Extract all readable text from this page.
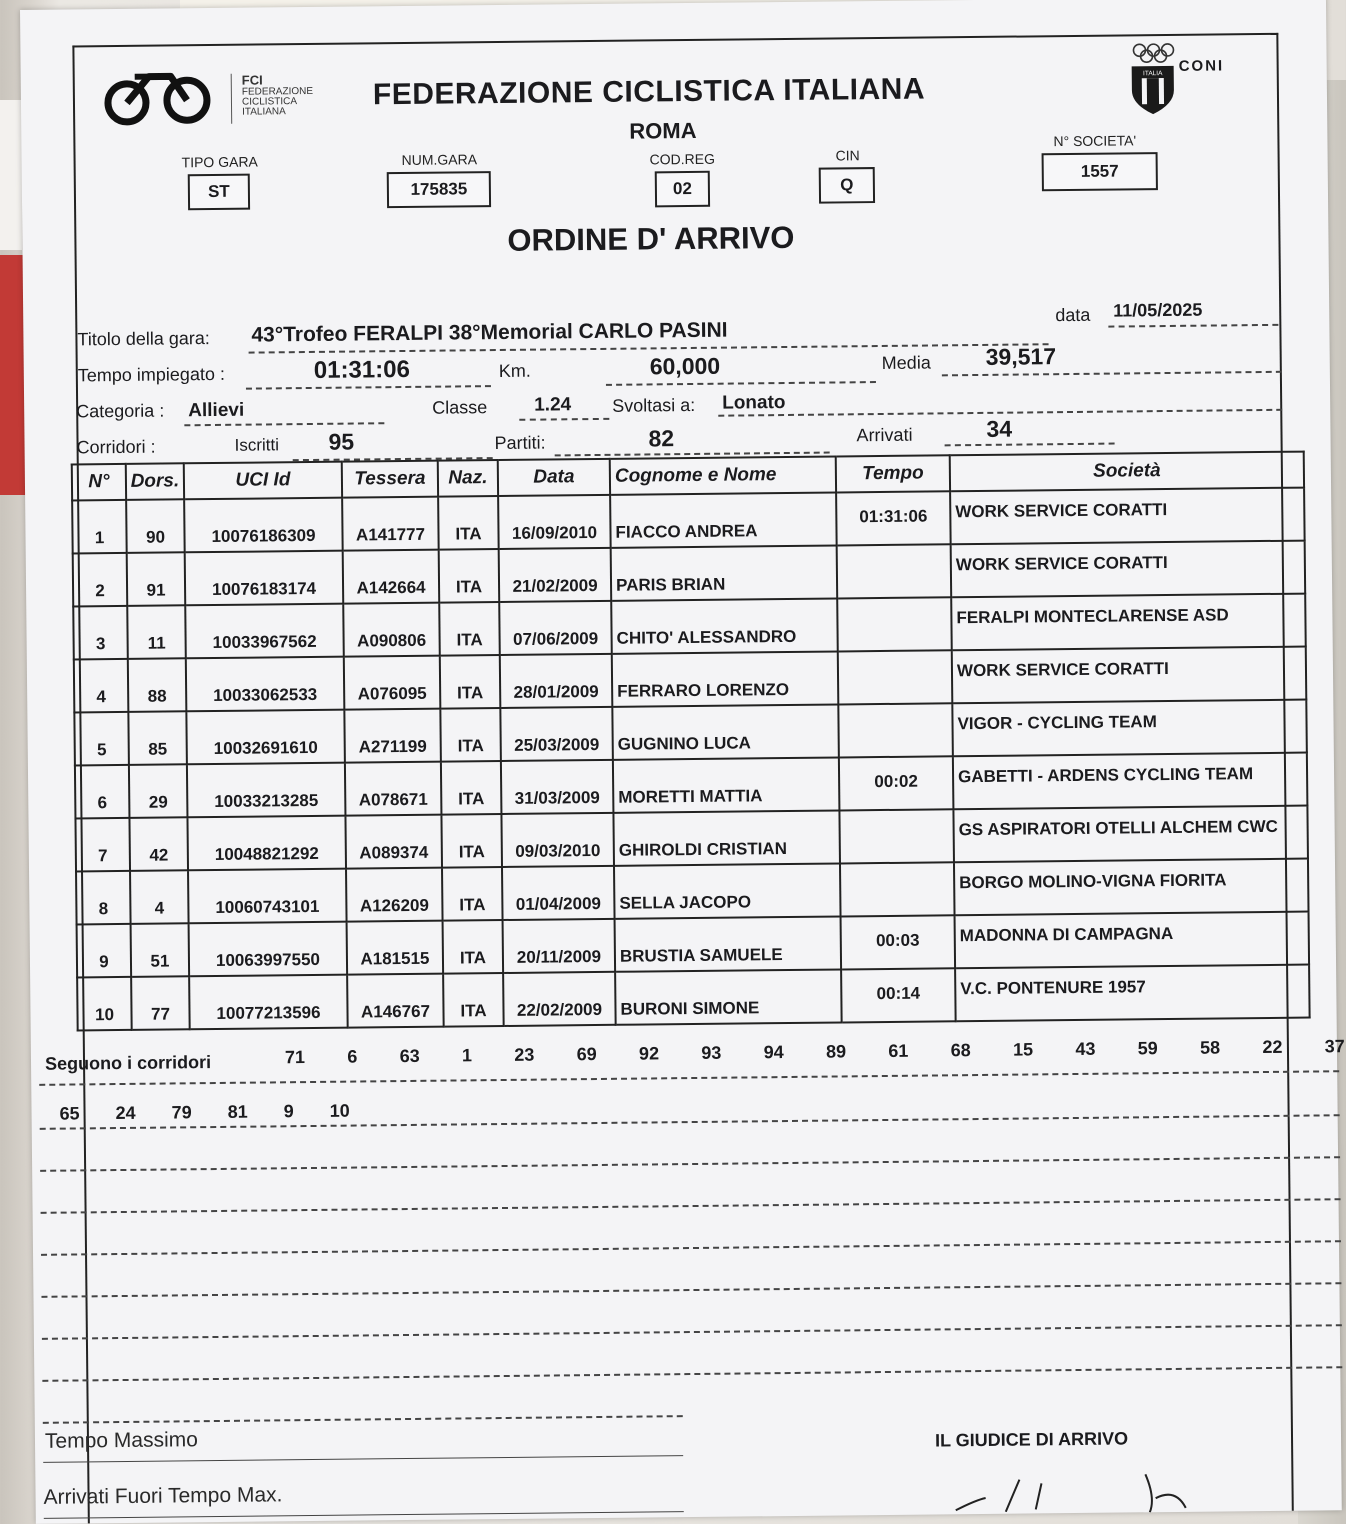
FCI
FEDERAZIONE
CICLISTICA
ITALIANA
FEDERAZIONE CICLISTICA ITALIANA
ROMA
ITALIA CONI
TIPO GARA
ST
NUM.GARA
175835
COD.REG
02
CIN
Q
N° SOCIETA'
1557
ORDINE D' ARRIVO
Titolo della gara: 43°Trofeo FERALPI 38°Memorial CARLO PASINI
data 11/05/2025
Tempo impiegato :	01:31:06	Km.	60,000	Media 39,517
Categoria : Allievi	Classe 1.24 Svoltasi a: Lonato
Corridori :	Iscritti 95	Partiti:	82	Arrivati	34
N°	Dors.	UCI Id	Tessera	Naz.	Data	Cognome e Nome	Tempo	Società
1	90	10076186309	A141777	ITA	16/09/2010	FIACCO ANDREA	01:31:06	WORK SERVICE CORATTI
2	91	10076183174	A142664	ITA	21/02/2009	PARIS BRIAN		WORK SERVICE CORATTI
3	11	10033967562	A090806	ITA	07/06/2009	CHITO' ALESSANDRO		FERALPI MONTECLARENSE ASD
4	88	10033062533	A076095	ITA	28/01/2009	FERRARO LORENZO		WORK SERVICE CORATTI
5	85	10032691610	A271199	ITA	25/03/2009	GUGNINO LUCA		VIGOR - CYCLING TEAM
6	29	10033213285	A078671	ITA	31/03/2009	MORETTI MATTIA	00:02	GABETTI - ARDENS CYCLING TEAM
7	42	10048821292	A089374	ITA	09/03/2010	GHIROLDI CRISTIAN		GS ASPIRATORI OTELLI ALCHEM CWC
8	4	10060743101	A126209	ITA	01/04/2009	SELLA JACOPO		BORGO MOLINO-VIGNA FIORITA
9	51	10063997550	A181515	ITA	20/11/2009	BRUSTIA SAMUELE	00:03	MADONNA DI CAMPAGNA
10	77	10077213596	A146767	ITA	22/02/2009	BURONI SIMONE	00:14	V.C. PONTENURE 1957
Seguono i corridori	71 6 63 1 23 69 92 93 94 89 61 68 15 43 59 58 22 37
65 24 79 81 9 10
Tempo Massimo
Arrivati Fuori Tempo Max.
IL GIUDICE DI ARRIVO
